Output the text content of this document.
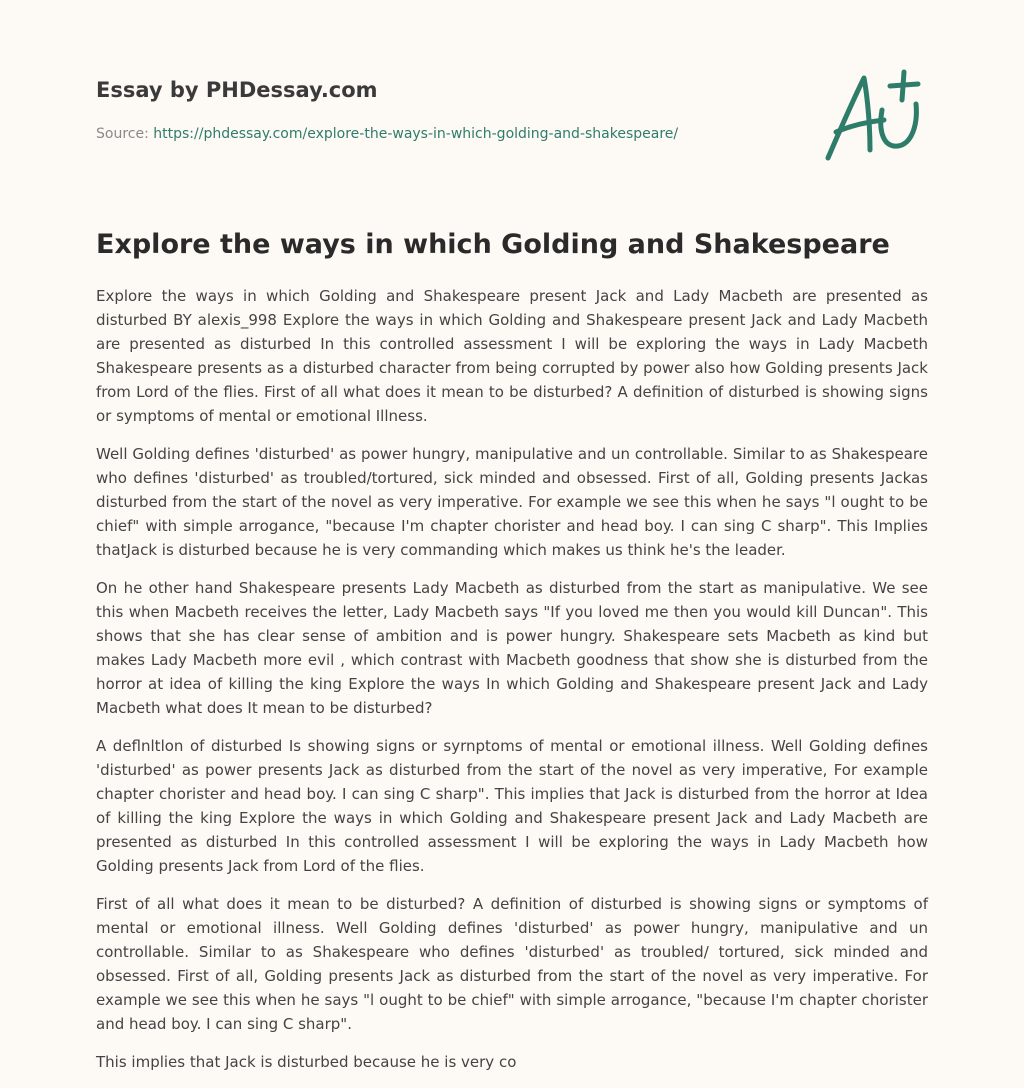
Essay by PHDessay.com
Source: https://phdessay.com/explore-the-ways-in-which-golding-and-shakespeare/
Explore the ways in which Golding and Shakespeare

Explore the ways in which Golding and Shakespeare present Jack and Lady Macbeth are presented as disturbed BY alexis_998 Explore the ways in which Golding and Shakespeare present Jack and Lady Macbeth are presented as disturbed In this controlled assessment I will be exploring the ways in Lady Macbeth Shakespeare presents as a disturbed character from being corrupted by power also how Golding presents Jack from Lord of the flies. First of all what does it mean to be disturbed? A definition of disturbed is showing signs or symptoms of mental or emotional Illness.

Well Golding defines 'disturbed' as power hungry, manipulative and un controllable. Similar to as Shakespeare who defines 'disturbed' as troubled/tortured, sick minded and obsessed. First of all, Golding presents Jackas disturbed from the start of the novel as very imperative. For example we see this when he says "l ought to be chief" with simple arrogance, "because I'm chapter chorister and head boy. I can sing C sharp". This Implies thatJack is disturbed because he is very commanding which makes us think he's the leader.

On he other hand Shakespeare presents Lady Macbeth as disturbed from the start as manipulative. We see this when Macbeth receives the letter, Lady Macbeth says "If you loved me then you would kill Duncan". This shows that she has clear sense of ambition and is power hungry. Shakespeare sets Macbeth as kind but makes Lady Macbeth more evil , which contrast with Macbeth goodness that show she is disturbed from the horror at idea of killing the king Explore the ways In which Golding and Shakespeare present Jack and Lady Macbeth what does It mean to be disturbed?

A deflnltlon of disturbed Is showing signs or syrnptoms of mental or emotional illness. Well Golding defines 'disturbed' as power presents Jack as disturbed from the start of the novel as very imperative, For example chapter chorister and head boy. I can sing C sharp". This implies that Jack is disturbed from the horror at Idea of killing the king Explore the ways in which Golding and Shakespeare present Jack and Lady Macbeth are presented as disturbed In this controlled assessment I will be exploring the ways in Lady Macbeth how Golding presents Jack from Lord of the flies.

First of all what does it mean to be disturbed? A definition of disturbed is showing signs or symptoms of mental or emotional illness. Well Golding defines 'disturbed' as power hungry, manipulative and un controllable. Similar to as Shakespeare who defines 'disturbed' as troubled/ tortured, sick minded and obsessed. First of all, Golding presents Jack as disturbed from the start of the novel as very imperative. For example we see this when he says "l ought to be chief" with simple arrogance, "because I'm chapter chorister and head boy. I can sing C sharp".

This implies that Jack is disturbed because he is very co
